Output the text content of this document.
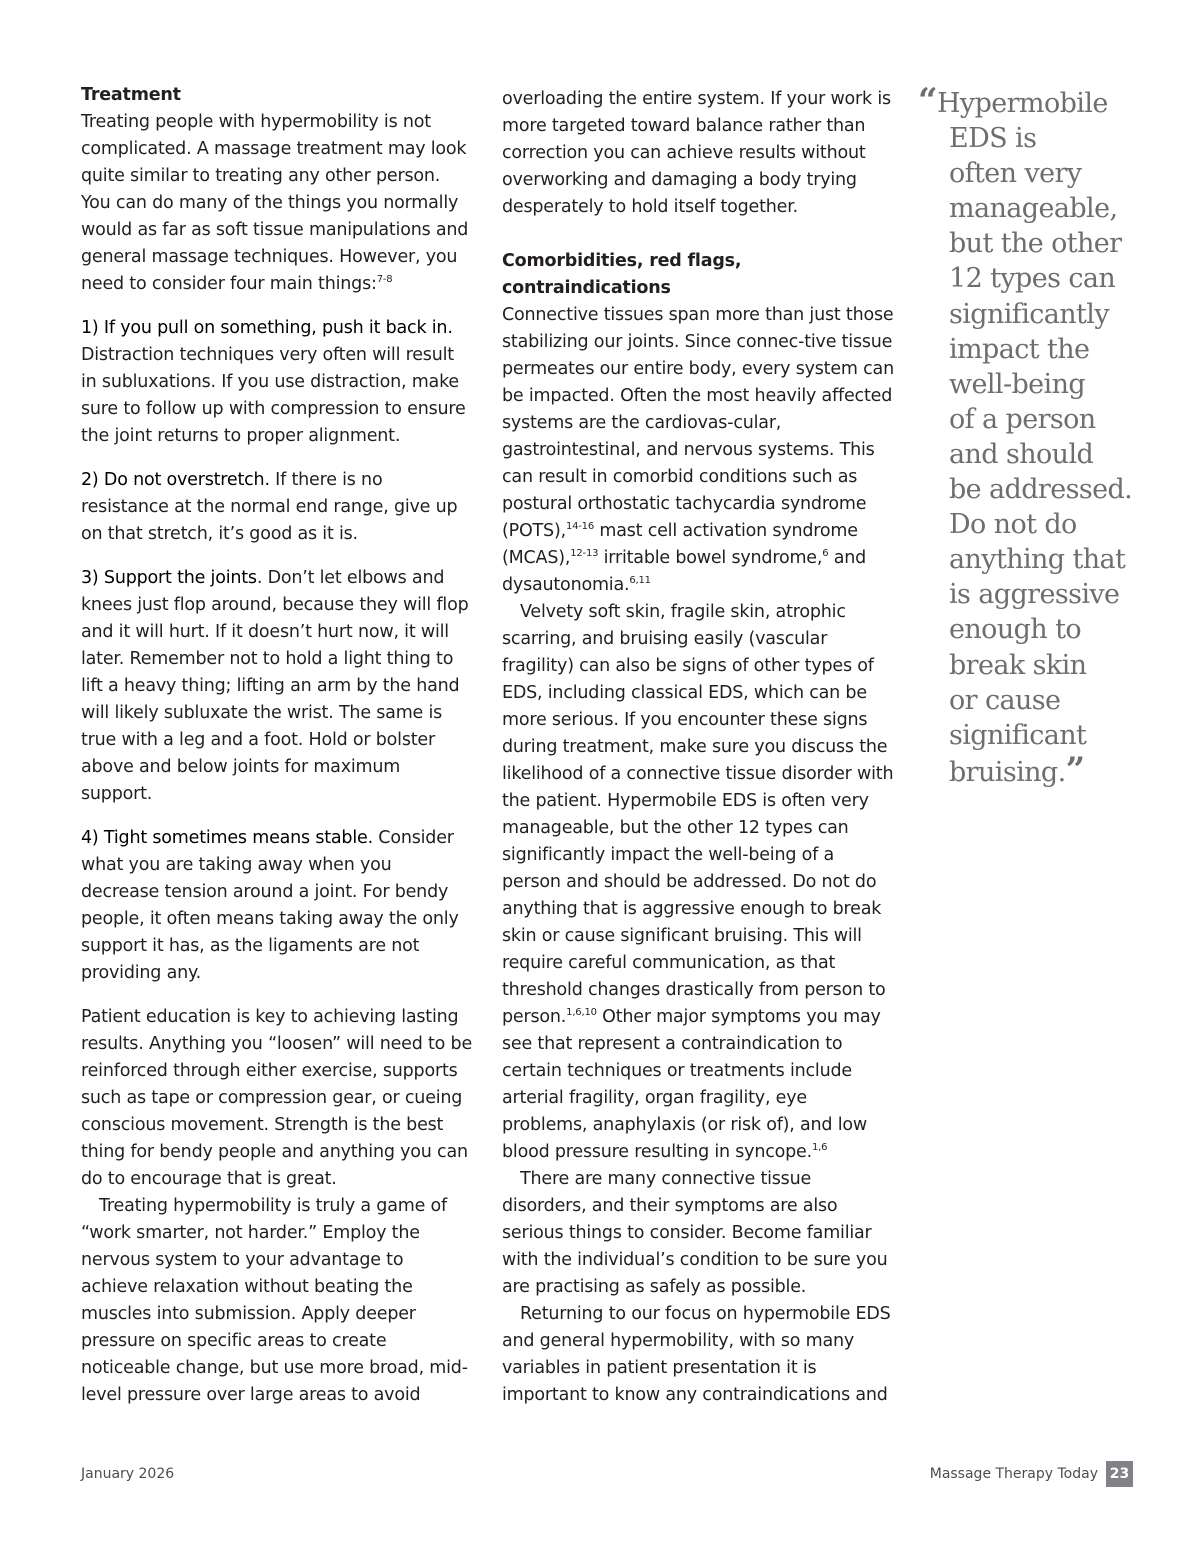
Treatment

Treating people with hypermobility is not complicated. A massage treatment may look quite similar to treating any other person. You can do many of the things you normally would as far as soft tissue manipulations and general massage techniques. However, you need to consider four main things:$^{7-8}$

1) If you pull on something, push it back in. Distraction techniques very often will result in subluxations. If you use distraction, make sure to follow up with compression to ensure the joint returns to proper alignment.

2) Do not overstretch. If there is no resistance at the normal end range, give up on that stretch, it’s good as it is.

3) Support the joints. Don’t let elbows and knees just flop around, because they will flop and it will hurt. If it doesn’t hurt now, it will later. Remember not to hold a light thing to lift a heavy thing; lifting an arm by the hand will likely subluxate the wrist. The same is true with a leg and a foot. Hold or bolster above and below joints for maximum support.

4) Tight sometimes means stable. Consider what you are taking away when you decrease tension around a joint. For bendy people, it often means taking away the only support it has, as the ligaments are not providing any.

Patient education is key to achieving lasting results. Anything you “loosen” will need to be reinforced through either exercise, supports such as tape or compression gear, or cueing conscious movement. Strength is the best thing for bendy people and anything you can do to encourage that is great.

Treating hypermobility is truly a game of “work smarter, not harder.” Employ the nervous system to your advantage to achieve relaxation without beating the muscles into submission. Apply deeper pressure on specific areas to create noticeable change, but use more broad, mid-level pressure over large areas to avoid

overloading the entire system. If your work is more targeted toward balance rather than correction you can achieve results without overworking and damaging a body trying desperately to hold itself together.

Comorbidities, red flags,
contraindications

Connective tissues span more than just those stabilizing our joints. Since connec-tive tissue permeates our entire body, every system can be impacted. Often the most heavily affected systems are the cardiovas-cular, gastrointestinal, and nervous systems. This can result in comorbid conditions such as postural orthostatic tachycardia syndrome (POTS),$^{14-16}$ mast cell activation syndrome (MCAS),$^{12-13}$ irritable bowel syndrome,$^6$ and dysautonomia.$^{6,11}$

Velvety soft skin, fragile skin, atrophic scarring, and bruising easily (vascular fragility) can also be signs of other types of EDS, including classical EDS, which can be more serious. If you encounter these signs during treatment, make sure you discuss the likelihood of a connective tissue disorder with the patient. Hypermobile EDS is often very manageable, but the other 12 types can significantly impact the well-being of a person and should be addressed. Do not do anything that is aggressive enough to break skin or cause significant bruising. This will require careful communication, as that threshold changes drastically from person to person.$^{1,6,10}$ Other major symptoms you may see that represent a contraindication to certain techniques or treatments include arterial fragility, organ fragility, eye problems, anaphylaxis (or risk of), and low blood pressure resulting in syncope.$^{1,6}$

There are many connective tissue disorders, and their symptoms are also serious things to consider. Become familiar with the individual’s condition to be sure you are practising as safely as possible.

Returning to our focus on hypermobile EDS and general hypermobility, with so many variables in patient presentation it is important to know any contraindications and

“Hypermobile
EDS is
often very
manageable,
but the other
12 types can
significantly
impact the
well-being
of a person
and should
be addressed.
Do not do
anything that
is aggressive
enough to
break skin
or cause
significant
bruising.”
January 2026	Massage Therapy Today 23
